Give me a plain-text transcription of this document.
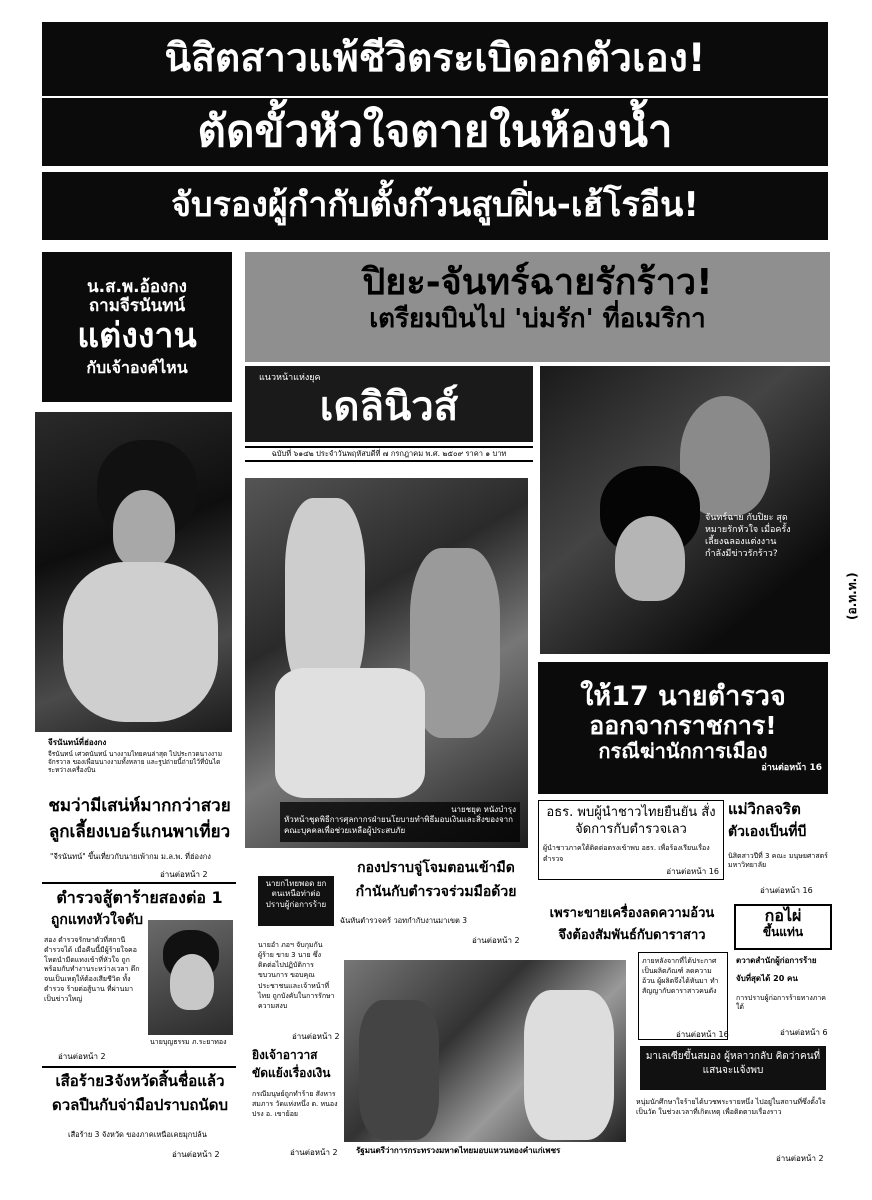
นิสิตสาวแพ้ชีวิตระเบิดอกตัวเอง!
ตัดขั้วหัวใจตายในห้องน้ำ
จับรองผู้กำกับตั้งก๊วนสูบฝิ่น-เฮ้โรอีน!
น.ส.พ.อ้องกง
ถามจีรนันทน์
แต่งงาน
กับเจ้าองค์ไหน
ปิยะ-จันทร์ฉายรักร้าว!
เตรียมบินไป 'บ่มรัก' ที่อเมริกา
แนวหน้าแห่งยุค
เดลินิวส์
ฉบับที่ ๖๑๔๒ ประจำวันพฤหัสบดีที่ ๗ กรกฎาคม พ.ศ. ๒๕๐๙ ราคา ๑ บาท
จีรนันทน์ที่ฮ่องกง
จีรนันทน์ เศวตนันทน์ นางงามไทยคนล่าสุด ไปประกวดนางงามจักรวาล ของเพื่อนนางงามทั้งหลาย และรูปถ่ายนี้ถ่ายไว้ที่บันไดระหว่างเครื่องบิน
นายชยุต หนังบำรุง
หัวหน้าชุดพิธีการศุลกากรฝ่ายนโยบายทำพิธีมอบเงินและสิ่งของจากคณะบุคคลเพื่อช่วยเหลือผู้ประสบภัย
จันทร์ฉาย กับปิยะ สุดหมายรักหัวใจ เมื่อครั้งเลี้ยงฉลองแต่งงาน กำลังมีข่าวรักร้าว?
(อ.ท.ท.)
ให้17 นายตำรวจ
ออกจากราชการ!
กรณีฆ่านักการเมือง
อ่านต่อหน้า 16
ชมว่ามีเสน่ห์มากกว่าสวย
ลูกเลี้ยงเบอร์แกนพาเที่ยว
"จีรนันทน์" ขึ้นเที่ยวกับนายเพ้ากม ม.ล.พ. ที่ฮ่องกง
อ่านต่อหน้า 2
ตำรวจสู้ตาร้ายสองต่อ 1
ถูกแทงหัวใจดับ
สอง ตำรวจรักษาตัวที่สถานีตำรวจได้ เมื่อคืนนี้มีผู้ร้ายใจคอโหดนำมีดแทงเข้าที่หัวใจ ถูกพร้อมกับทำงานระหว่างเวลา ดึก จนเป็นเหตุให้ต้องเสียชีวิต ทั้ง ตำรวจ ร้ายต่อสู้นาน ที่ผ่านมาเป็นข่าวใหญ่
อ่านต่อหน้า 2
นายบุญธรรม ภ.ระยาทอง
เสือร้าย3จังหวัดสิ้นชื่อแล้ว
ดวลปืนกับจ่ามือปราบถนัดบ
เสือร้าย 3 จังหวัด ของภาคเหนือเคยมุกปล้น
อ่านต่อหน้า 2
อธร. พบผู้นำชาวไทยยืนยัน สั่งจัดการกับตำรวจเลว
ผู้นำชาวภาคใต้ติดต่อตรงเข้าพบ อธร. เพื่อร้องเรียนเรื่องตำรวจ
อ่านต่อหน้า 16
แม่วิกลจริต
ตัวเองเป็นที่บี
นิสิตสาวปีที่ 3 คณะ มนุษยศาสตร์ มหาวิทยาลัย
อ่านต่อหน้า 16
กองปราบจู่โจมตอนเข้ามืด
กำนันกับตำรวจร่วมมือด้วย
ฉันหันตำรวจคร้ วอทกำกับงานมาเขต 3
อ่านต่อหน้า 2
นายกไทยพอด ยกตนเหนือท่าต่อ ปราบผู้ก่อการร้าย
นายอำ ภอฯ จับกุมกัน ผู้ร้าย ขาย 3 นาย ซึ่ง ติดต่อไปปฏิบัติการ ขบวนการ ขอบคุณประชาชนและเจ้าหน้าที่ ไทย ถูกบังคับในการรักษาความสงบ
อ่านต่อหน้า 2
ยิงเจ้าอาวาส
ขัดแย้งเรื่องเงิน
กรณีมนุษย์ถูกทำร้าย สังหารสมภาร วัดแห่งหนึ่ง ต. หนองปรง อ. เขาย้อย
อ่านต่อหน้า 2 รัฐมนตรีว่าการกระทรวงมหาดไทยมอบแหวนทองคำแก่เพชร
เพราะขายเครื่องลดความอ้วน
จึงต้องสัมพันธ์กับดาราสาว
ภายหลังจากที่ได้ประกาศเป็นผลิตภัณฑ์ ลดความอ้วน ผู้ผลิตจึงได้หันมา ทำสัญญากับดาราสาวคนดัง
อ่านต่อหน้า 16
กอไผ่
ขึ้นแท่น
ตวาดสำนักผู้ก่อการร้าย
จับที่สุดได้ 20 คน
การปราบผู้ก่อการร้ายทางภาคใต้
อ่านต่อหน้า 6
มาเลเซียขึ้นสมอง ผู้หลาวกลับ คิดว่าคนที่แสนจะแจ้งพบ
หนุ่มนักศึกษาใจร้ายได้บวชพระรายหนึ่ง ไปอยู่ในสถานที่ซึ่งตั้งใจเป็นวัด ในช่วงเวลาที่เกิดเหตุ เพื่อติดตามเรื่องราว
อ่านต่อหน้า 2
